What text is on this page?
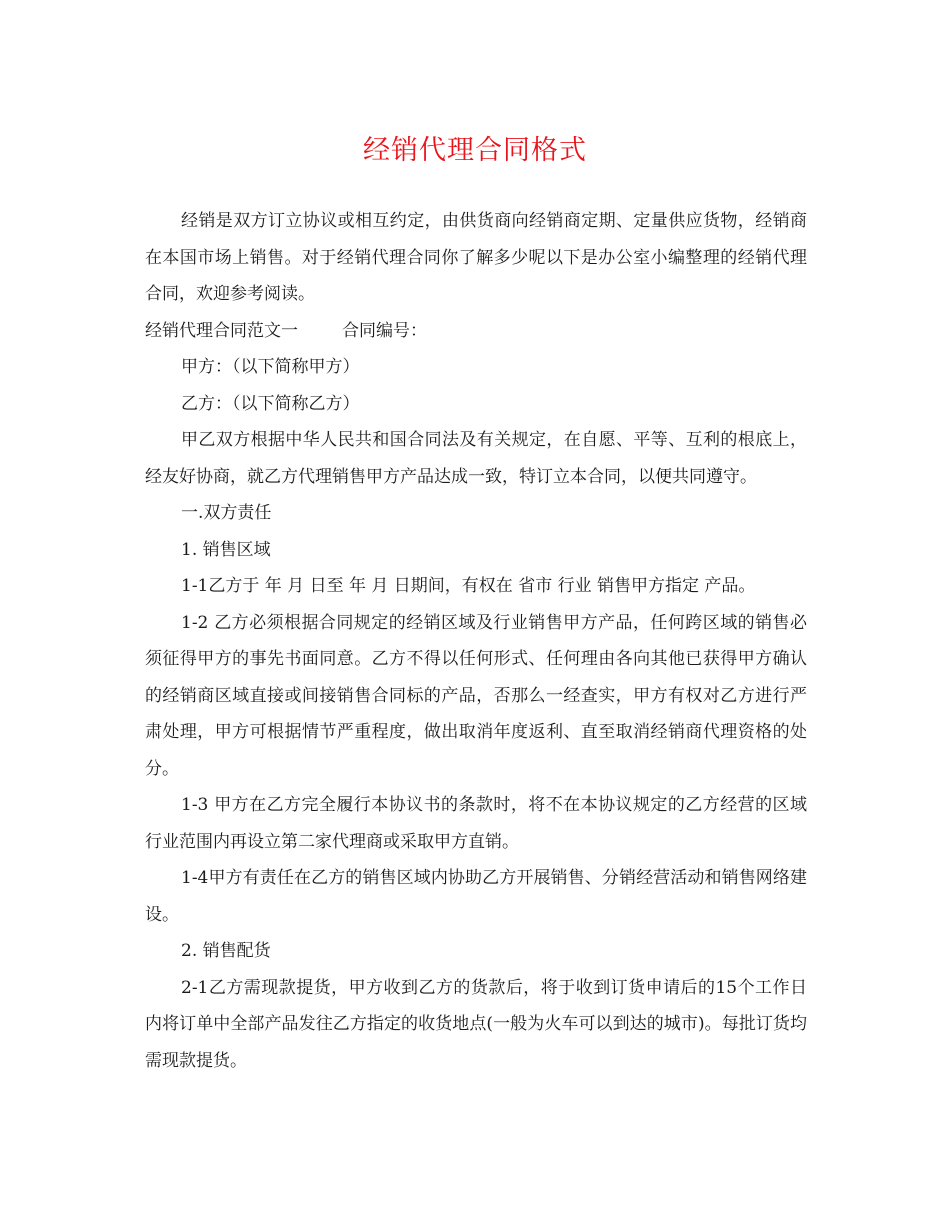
经销代理合同格式

经销是双方订立协议或相互约定，由供货商向经销商定期、定量供应货物，经销商在本国市场上销售。对于经销代理合同你了解多少呢以下是办公室小编整理的经销代理合同，欢迎参考阅读。

经销代理合同范文一	合同编号：

甲方：（以下简称甲方）

乙方：（以下简称乙方）

甲乙双方根据中华人民共和国合同法及有关规定，在自愿、平等、互利的根底上，经友好协商，就乙方代理销售甲方产品达成一致，特订立本合同，以便共同遵守。

一.双方责任

1. 销售区域

1-1乙方于 年 月 日至 年 月 日期间，有权在 省市 行业 销售甲方指定 产品。

1-2 乙方必须根据合同规定的经销区域及行业销售甲方产品，任何跨区域的销售必须征得甲方的事先书面同意。乙方不得以任何形式、任何理由各向其他已获得甲方确认的经销商区域直接或间接销售合同标的产品，否那么一经查实，甲方有权对乙方进行严肃处理，甲方可根据情节严重程度，做出取消年度返利、直至取消经销商代理资格的处分。

1-3 甲方在乙方完全履行本协议书的条款时，将不在本协议规定的乙方经营的区域行业范围内再设立第二家代理商或采取甲方直销。

1-4甲方有责任在乙方的销售区域内协助乙方开展销售、分销经营活动和销售网络建设。

2. 销售配货

2-1乙方需现款提货，甲方收到乙方的货款后，将于收到订货申请后的15个工作日内将订单中全部产品发往乙方指定的收货地点(一般为火车可以到达的城市)。每批订货均需现款提货。
